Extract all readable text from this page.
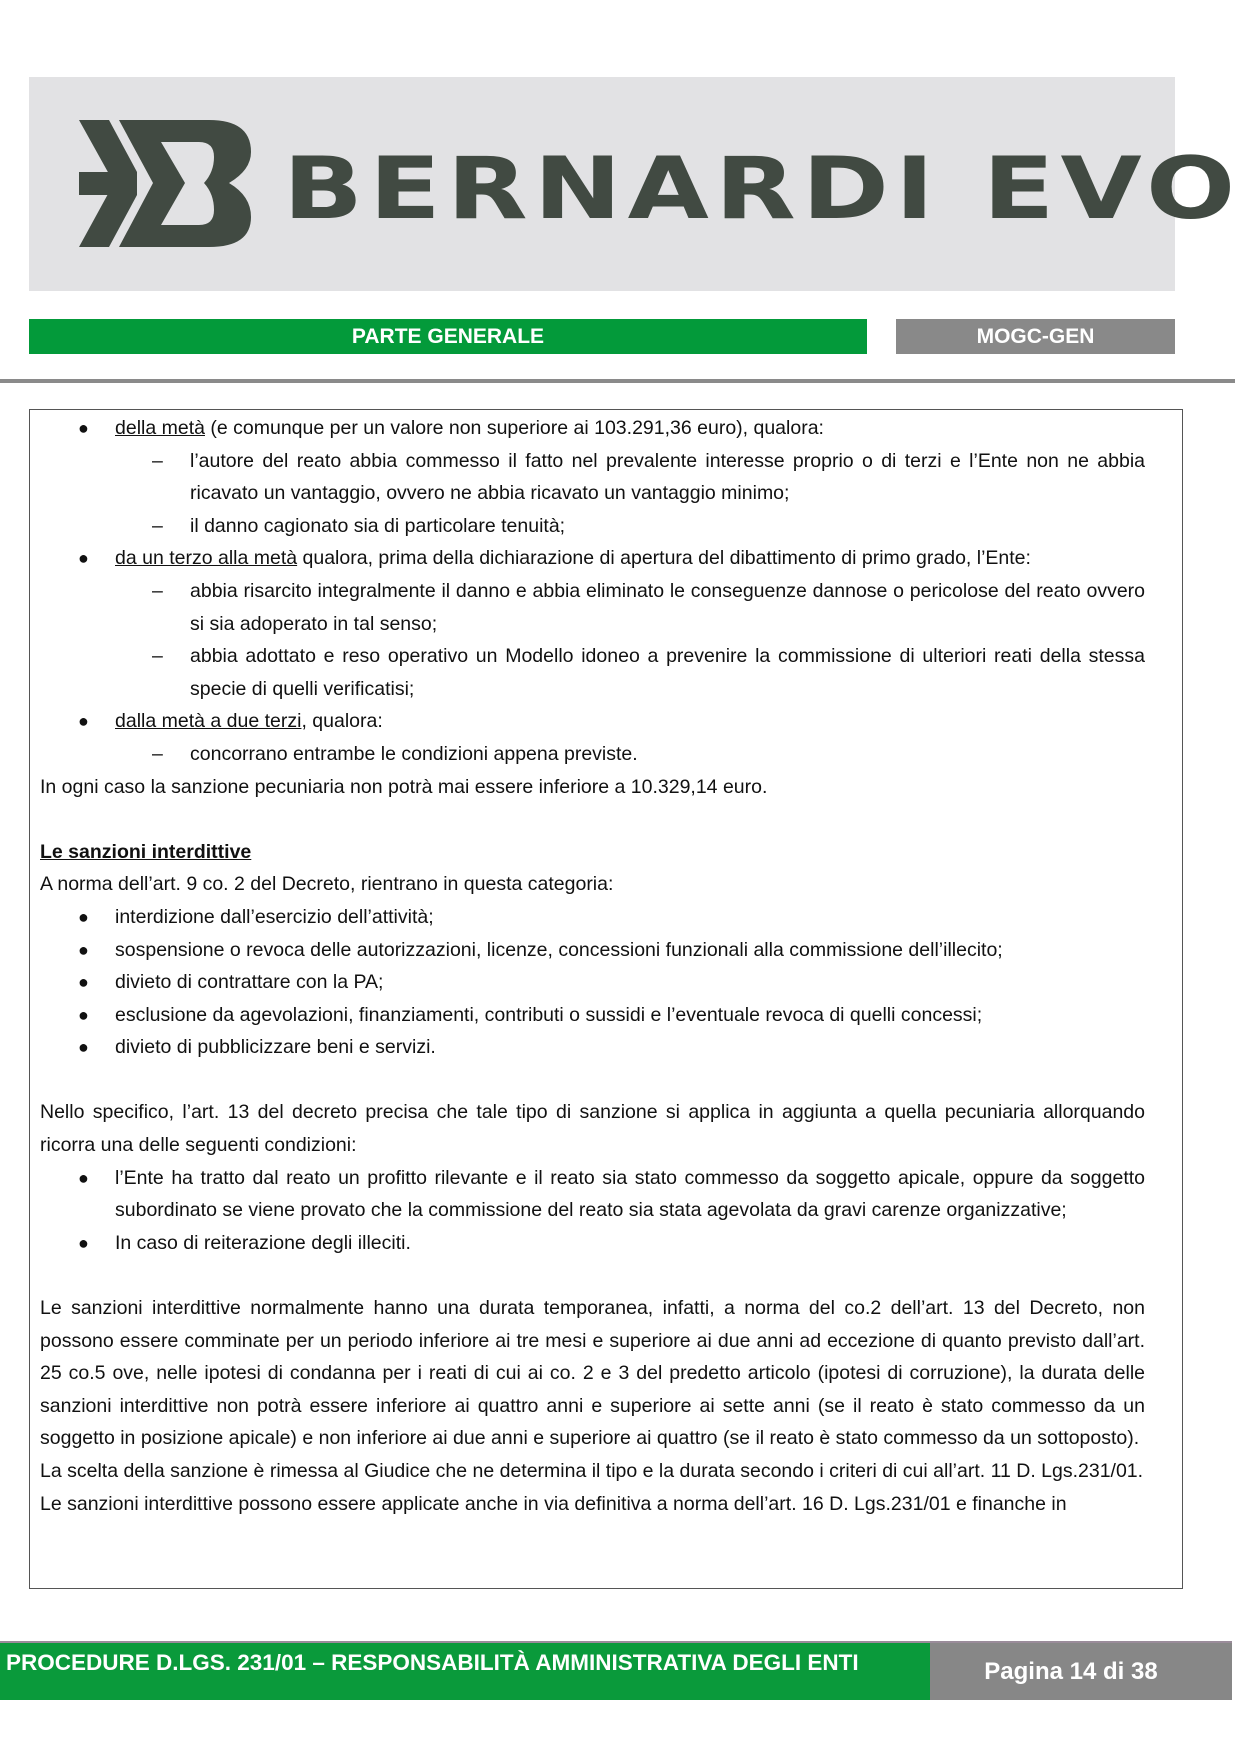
BERNARDI EVO
PARTE GENERALE	MOGC-GEN
● della metà (e comunque per un valore non superiore ai 103.291,36 euro), qualora:
– l’autore del reato abbia commesso il fatto nel prevalente interesse proprio o di terzi e l’Ente non ne abbia ricavato un vantaggio, ovvero ne abbia ricavato un vantaggio minimo;
– il danno cagionato sia di particolare tenuità;
● da un terzo alla metà qualora, prima della dichiarazione di apertura del dibattimento di primo grado, l’Ente:
– abbia risarcito integralmente il danno e abbia eliminato le conseguenze dannose o pericolose del reato ovvero si sia adoperato in tal senso;
– abbia adottato e reso operativo un Modello idoneo a prevenire la commissione di ulteriori reati della stessa specie di quelli verificatisi;
● dalla metà a due terzi, qualora:
– concorrano entrambe le condizioni appena previste.

In ogni caso la sanzione pecuniaria non potrà mai essere inferiore a 10.329,14 euro.

Le sanzioni interdittive

A norma dell’art. 9 co. 2 del Decreto, rientrano in questa categoria:

● interdizione dall’esercizio dell’attività;
● sospensione o revoca delle autorizzazioni, licenze, concessioni funzionali alla commissione dell’illecito;
● divieto di contrattare con la PA;
● esclusione da agevolazioni, finanziamenti, contributi o sussidi e l’eventuale revoca di quelli concessi;
● divieto di pubblicizzare beni e servizi.

Nello specifico, l’art. 13 del decreto precisa che tale tipo di sanzione si applica in aggiunta a quella pecuniaria allorquando ricorra una delle seguenti condizioni:

● l’Ente ha tratto dal reato un profitto rilevante e il reato sia stato commesso da soggetto apicale, oppure da soggetto subordinato se viene provato che la commissione del reato sia stata agevolata da gravi carenze organizzative;
● In caso di reiterazione degli illeciti.

Le sanzioni interdittive normalmente hanno una durata temporanea, infatti, a norma del co.2 dell’art. 13 del Decreto, non possono essere comminate per un periodo inferiore ai tre mesi e superiore ai due anni ad eccezione di quanto previsto dall’art. 25 co.5 ove, nelle ipotesi di condanna per i reati di cui ai co. 2 e 3 del predetto articolo (ipotesi di corruzione), la durata delle sanzioni interdittive non potrà essere inferiore ai quattro anni e superiore ai sette anni (se il reato è stato commesso da un soggetto in posizione apicale) e non inferiore ai due anni e superiore ai quattro (se il reato è stato commesso da un sottoposto).

La scelta della sanzione è rimessa al Giudice che ne determina il tipo e la durata secondo i criteri di cui all’art. 11 D. Lgs.231/01.

Le sanzioni interdittive possono essere applicate anche in via definitiva a norma dell’art. 16 D. Lgs.231/01 e finanche in

PROCEDURE D.LGS. 231/01 – RESPONSABILITÀ AMMINISTRATIVA DEGLI ENTI	Pagina 14 di 38
